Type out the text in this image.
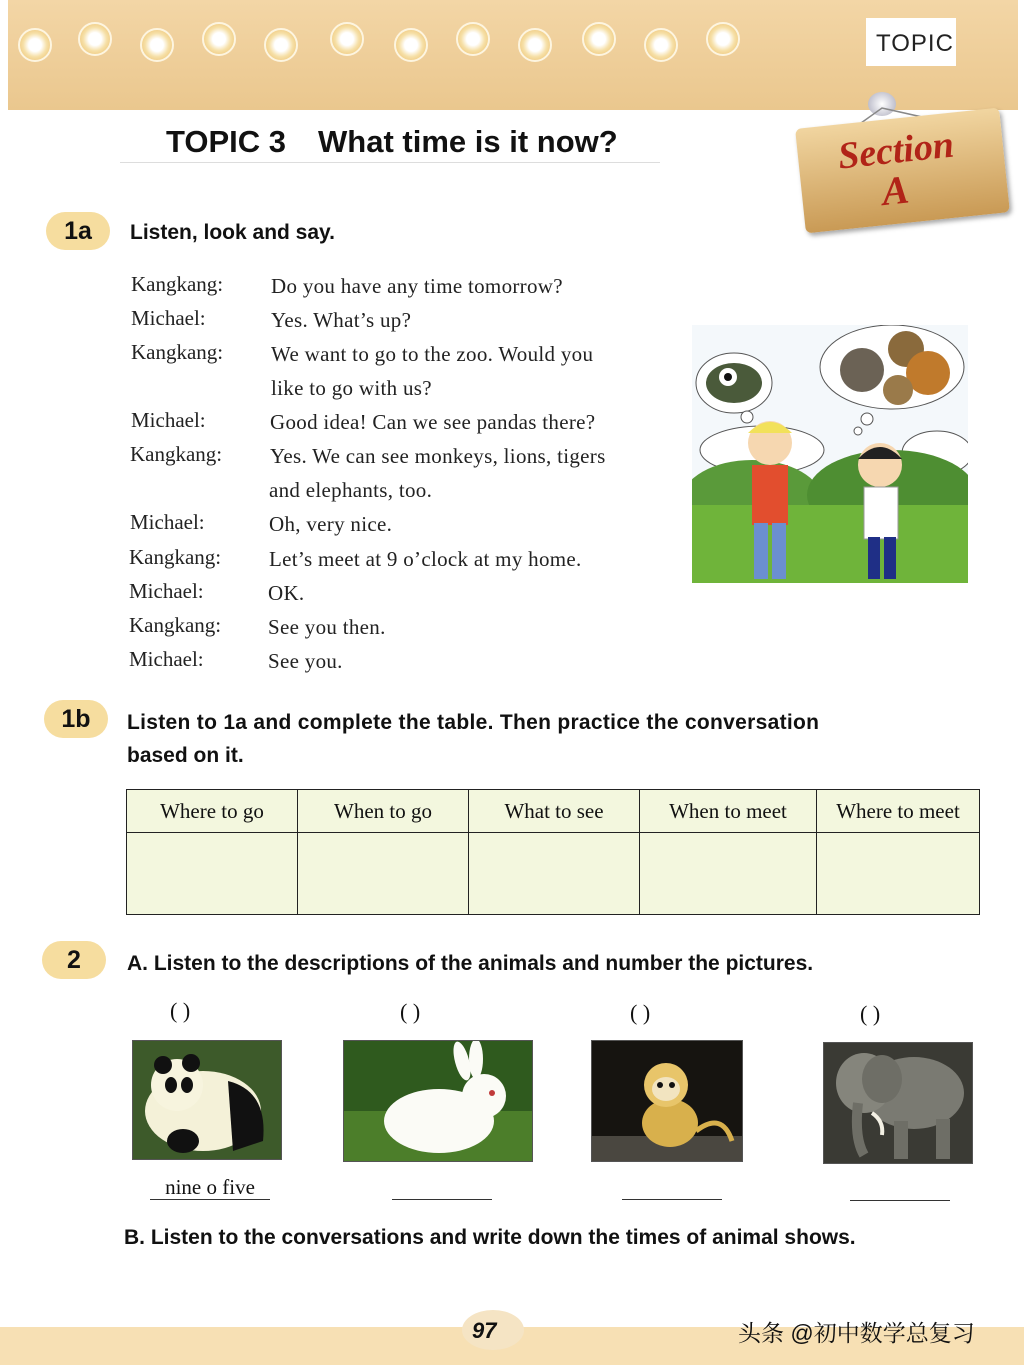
TOPIC
TOPIC 3 What time is it now?	Section
A
1a	Listen, look and say.
Kangkang: Do you have any time tomorrow?
Michael:	Yes. What’s up?
Kangkang: We want to go to the zoo. Would you
like to go with us?
Michael:	Good idea! Can we see pandas there?
Kangkang: Yes. We can see monkeys, lions, tigers
and elephants, too.
Michael:	Oh, very nice.
Kangkang: Let’s meet at 9 o’clock at my home.
Michael:	OK.
Kangkang: See you then.
Michael:	See you.
1b	Listen to 1a and complete the table. Then practice the conversation
based on it.
Where to go	When to go	What to see	When to meet	Where to meet

2	A. Listen to the descriptions of the animals and number the pictures.
( )	( )	( )	( )
nine o five
B. Listen to the conversations and write down the times of animal shows.
97	头条 @初中数学总复习
